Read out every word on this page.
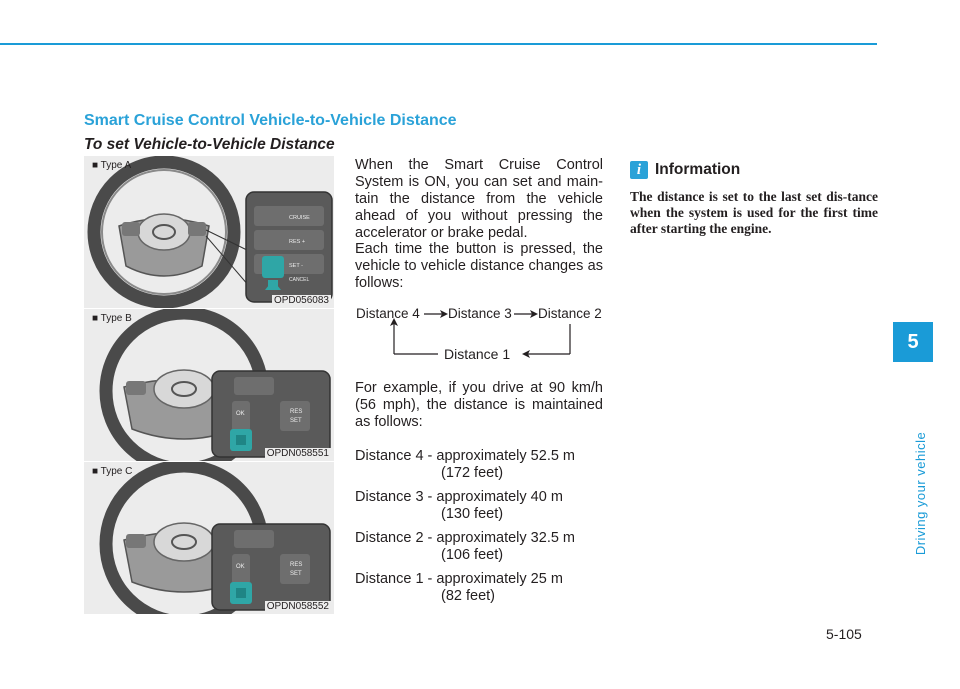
Smart Cruise Control Vehicle-to-Vehicle Distance
To set Vehicle-to-Vehicle Distance
CRUISE
RES +
SET -
CANCEL
■ Type A
OPD056083
OK	RES
SET
■ Type B
OPDN058551
OK	RES
SET
■ Type C
OPDN058552
When the Smart Cruise Control System is ON, you can set and main-tain the distance from the vehicle ahead of you without pressing the accelerator or brake pedal.
Each time the button is pressed, the vehicle to vehicle distance changes as follows:
Distance 4 Distance 3 Distance 2
Distance 1
For example, if you drive at 90 km/h (56 mph), the distance is maintained as follows:
Distance 4 - approximately 52.5 m
(172 feet)
Distance 3 - approximately 40 m
(130 feet)
Distance 2 - approximately 32.5 m
(106 feet)
Distance 1 - approximately 25 m
(82 feet)
i Information
The distance is set to the last set dis-tance when the system is used for the first time after starting the engine.
5
Driving your vehicle
5-105
